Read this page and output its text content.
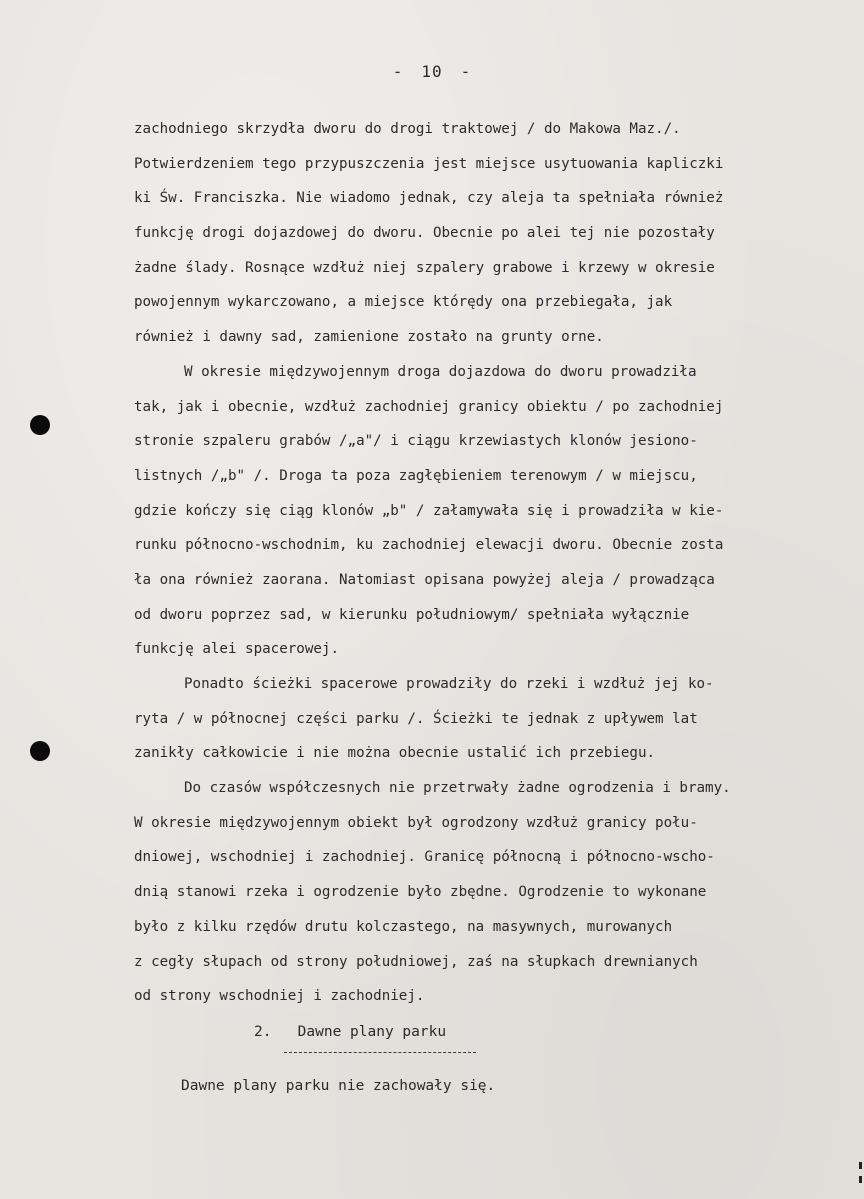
- 10 -
zachodniego skrzydła dworu do drogi traktowej / do Makowa Maz./.
Potwierdzeniem tego przypuszczenia jest miejsce usytuowania kapliczki
ki Św. Franciszka. Nie wiadomo jednak, czy aleja ta spełniała również
funkcję drogi dojazdowej do dworu. Obecnie po alei tej nie pozostały
żadne ślady. Rosnące wzdłuż niej szpalery grabowe i krzewy w okresie
powojennym wykarczowano, a miejsce którędy ona przebiegała, jak
również i dawny sad, zamienione zostało na grunty orne.
W okresie międzywojennym droga dojazdowa do dworu prowadziła
tak, jak i obecnie, wzdłuż zachodniej granicy obiektu / po zachodniej
stronie szpaleru grabów /„a"/ i ciągu krzewiastych klonów jesiono-
listnych /„b" /. Droga ta poza zagłębieniem terenowym / w miejscu,
gdzie kończy się ciąg klonów „b" / załamywała się i prowadziła w kie-
runku północno-wschodnim, ku zachodniej elewacji dworu. Obecnie zosta
ła ona również zaorana. Natomiast opisana powyżej aleja / prowadząca
od dworu poprzez sad, w kierunku południowym/ spełniała wyłącznie
funkcję alei spacerowej.
Ponadto ścieżki spacerowe prowadziły do rzeki i wzdłuż jej ko-
ryta / w północnej części parku /. Ścieżki te jednak z upływem lat
zanikły całkowicie i nie można obecnie ustalić ich przebiegu.
Do czasów współczesnych nie przetrwały żadne ogrodzenia i bramy.
W okresie międzywojennym obiekt był ogrodzony wzdłuż granicy połu-
dniowej, wschodniej i zachodniej. Granicę północną i północno-wscho-
dnią stanowi rzeka i ogrodzenie było zbędne. Ogrodzenie to wykonane
było z kilku rzędów drutu kolczastego, na masywnych, murowanych
z cegły słupach od strony południowej, zaś na słupkach drewnianych
od strony wschodniej i zachodniej.
2. Dawne plany parku
Dawne plany parku nie zachowały się.
